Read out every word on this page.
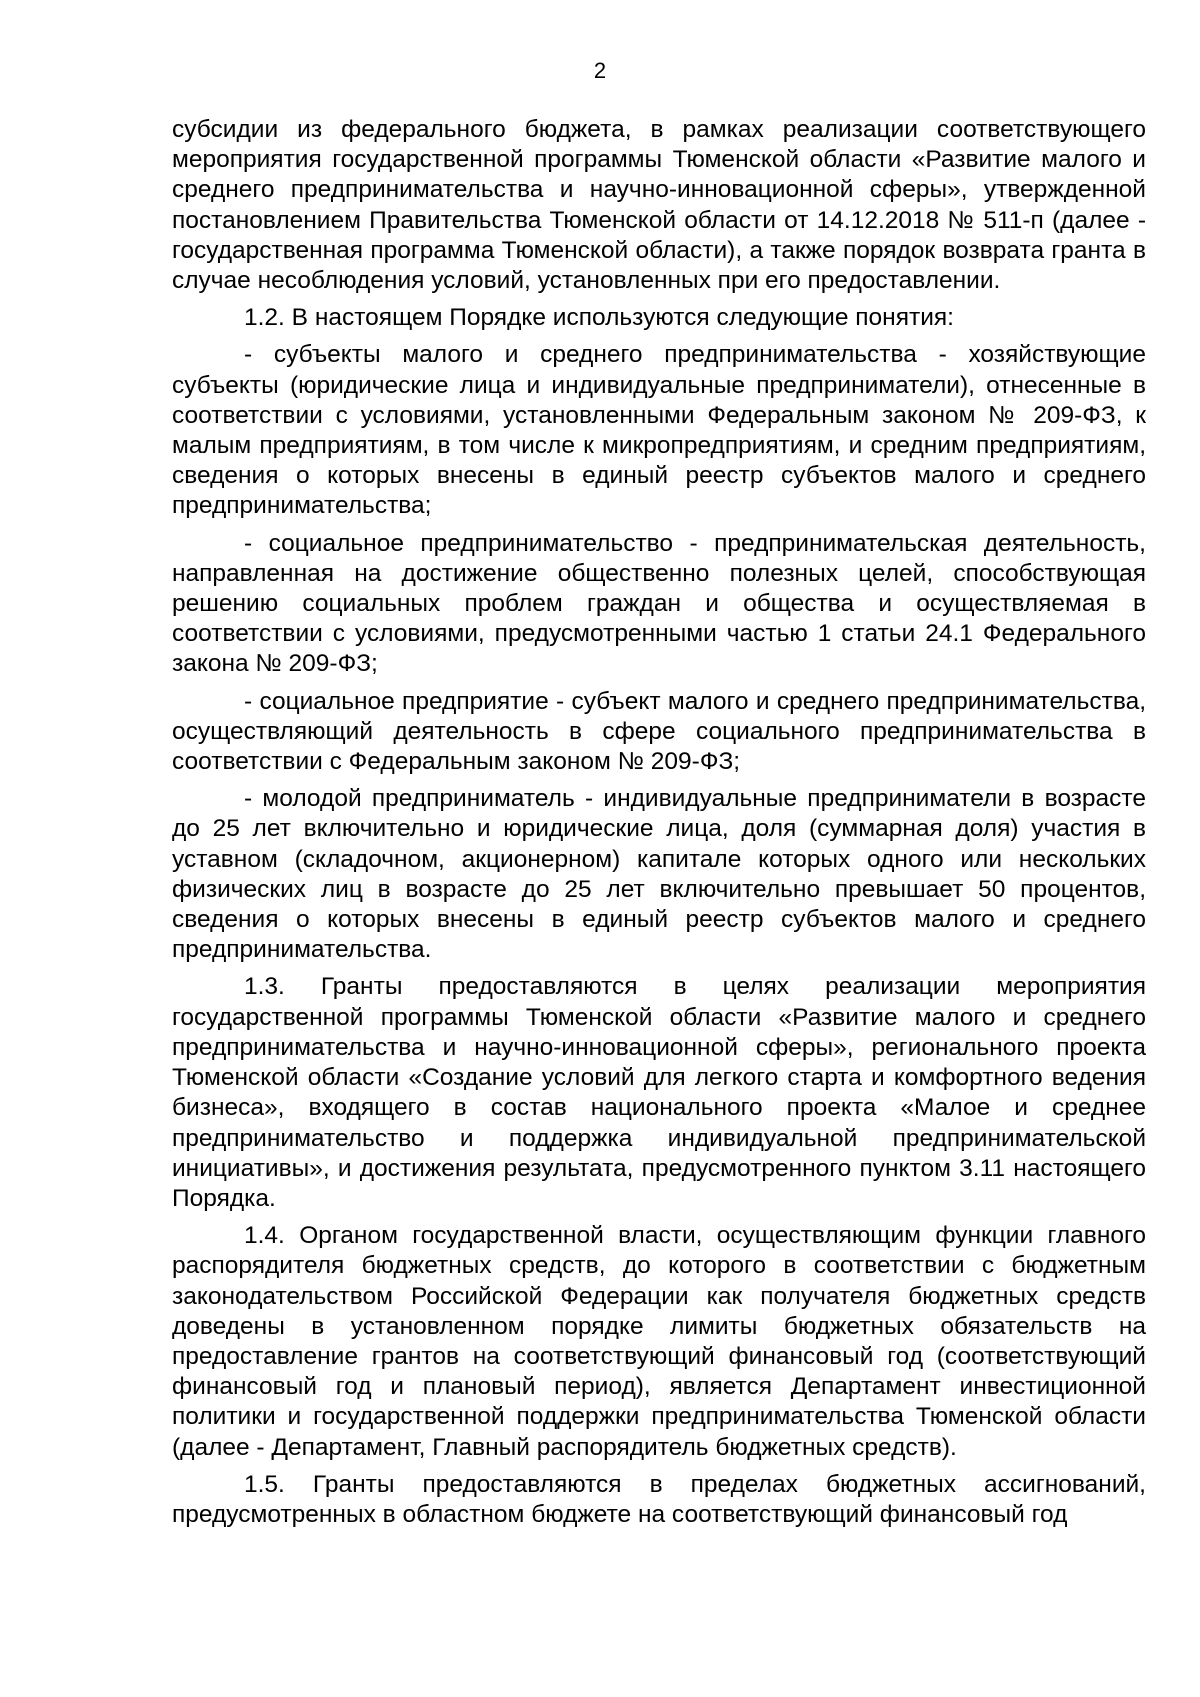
2

субсидии из федерального бюджета, в рамках реализации соответствующего мероприятия государственной программы Тюменской области «Развитие малого и среднего предпринимательства и научно-инновационной сферы», утвержденной постановлением Правительства Тюменской области от 14.12.2018 № 511-п (далее - государственная программа Тюменской области), а также порядок возврата гранта в случае несоблюдения условий, установленных при его предоставлении.

1.2. В настоящем Порядке используются следующие понятия:

- субъекты малого и среднего предпринимательства - хозяйствующие субъекты (юридические лица и индивидуальные предприниматели), отнесенные в соответствии с условиями, установленными Федеральным законом № 209-ФЗ, к малым предприятиям, в том числе к микропредприятиям, и средним предприятиям, сведения о которых внесены в единый реестр субъектов малого и среднего предпринимательства;

- социальное предпринимательство - предпринимательская деятельность, направленная на достижение общественно полезных целей, способствующая решению социальных проблем граждан и общества и осуществляемая в соответствии с условиями, предусмотренными частью 1 статьи 24.1 Федерального закона № 209-ФЗ;

- социальное предприятие - субъект малого и среднего предпринимательства, осуществляющий деятельность в сфере социального предпринимательства в соответствии с Федеральным законом № 209-ФЗ;

- молодой предприниматель - индивидуальные предприниматели в возрасте до 25 лет включительно и юридические лица, доля (суммарная доля) участия в уставном (складочном, акционерном) капитале которых одного или нескольких физических лиц в возрасте до 25 лет включительно превышает 50 процентов, сведения о которых внесены в единый реестр субъектов малого и среднего предпринимательства.

1.3. Гранты предоставляются в целях реализации мероприятия государственной программы Тюменской области «Развитие малого и среднего предпринимательства и научно-инновационной сферы», регионального проекта Тюменской области «Создание условий для легкого старта и комфортного ведения бизнеса», входящего в состав национального проекта «Малое и среднее предпринимательство и поддержка индивидуальной предпринимательской инициативы», и достижения результата, предусмотренного пунктом 3.11 настоящего Порядка.

1.4. Органом государственной власти, осуществляющим функции главного распорядителя бюджетных средств, до которого в соответствии с бюджетным законодательством Российской Федерации как получателя бюджетных средств доведены в установленном порядке лимиты бюджетных обязательств на предоставление грантов на соответствующий финансовый год (соответствующий финансовый год и плановый период), является Департамент инвестиционной политики и государственной поддержки предпринимательства Тюменской области (далее - Департамент, Главный распорядитель бюджетных средств).

1.5. Гранты предоставляются в пределах бюджетных ассигнований, предусмотренных в областном бюджете на соответствующий финансовый год
